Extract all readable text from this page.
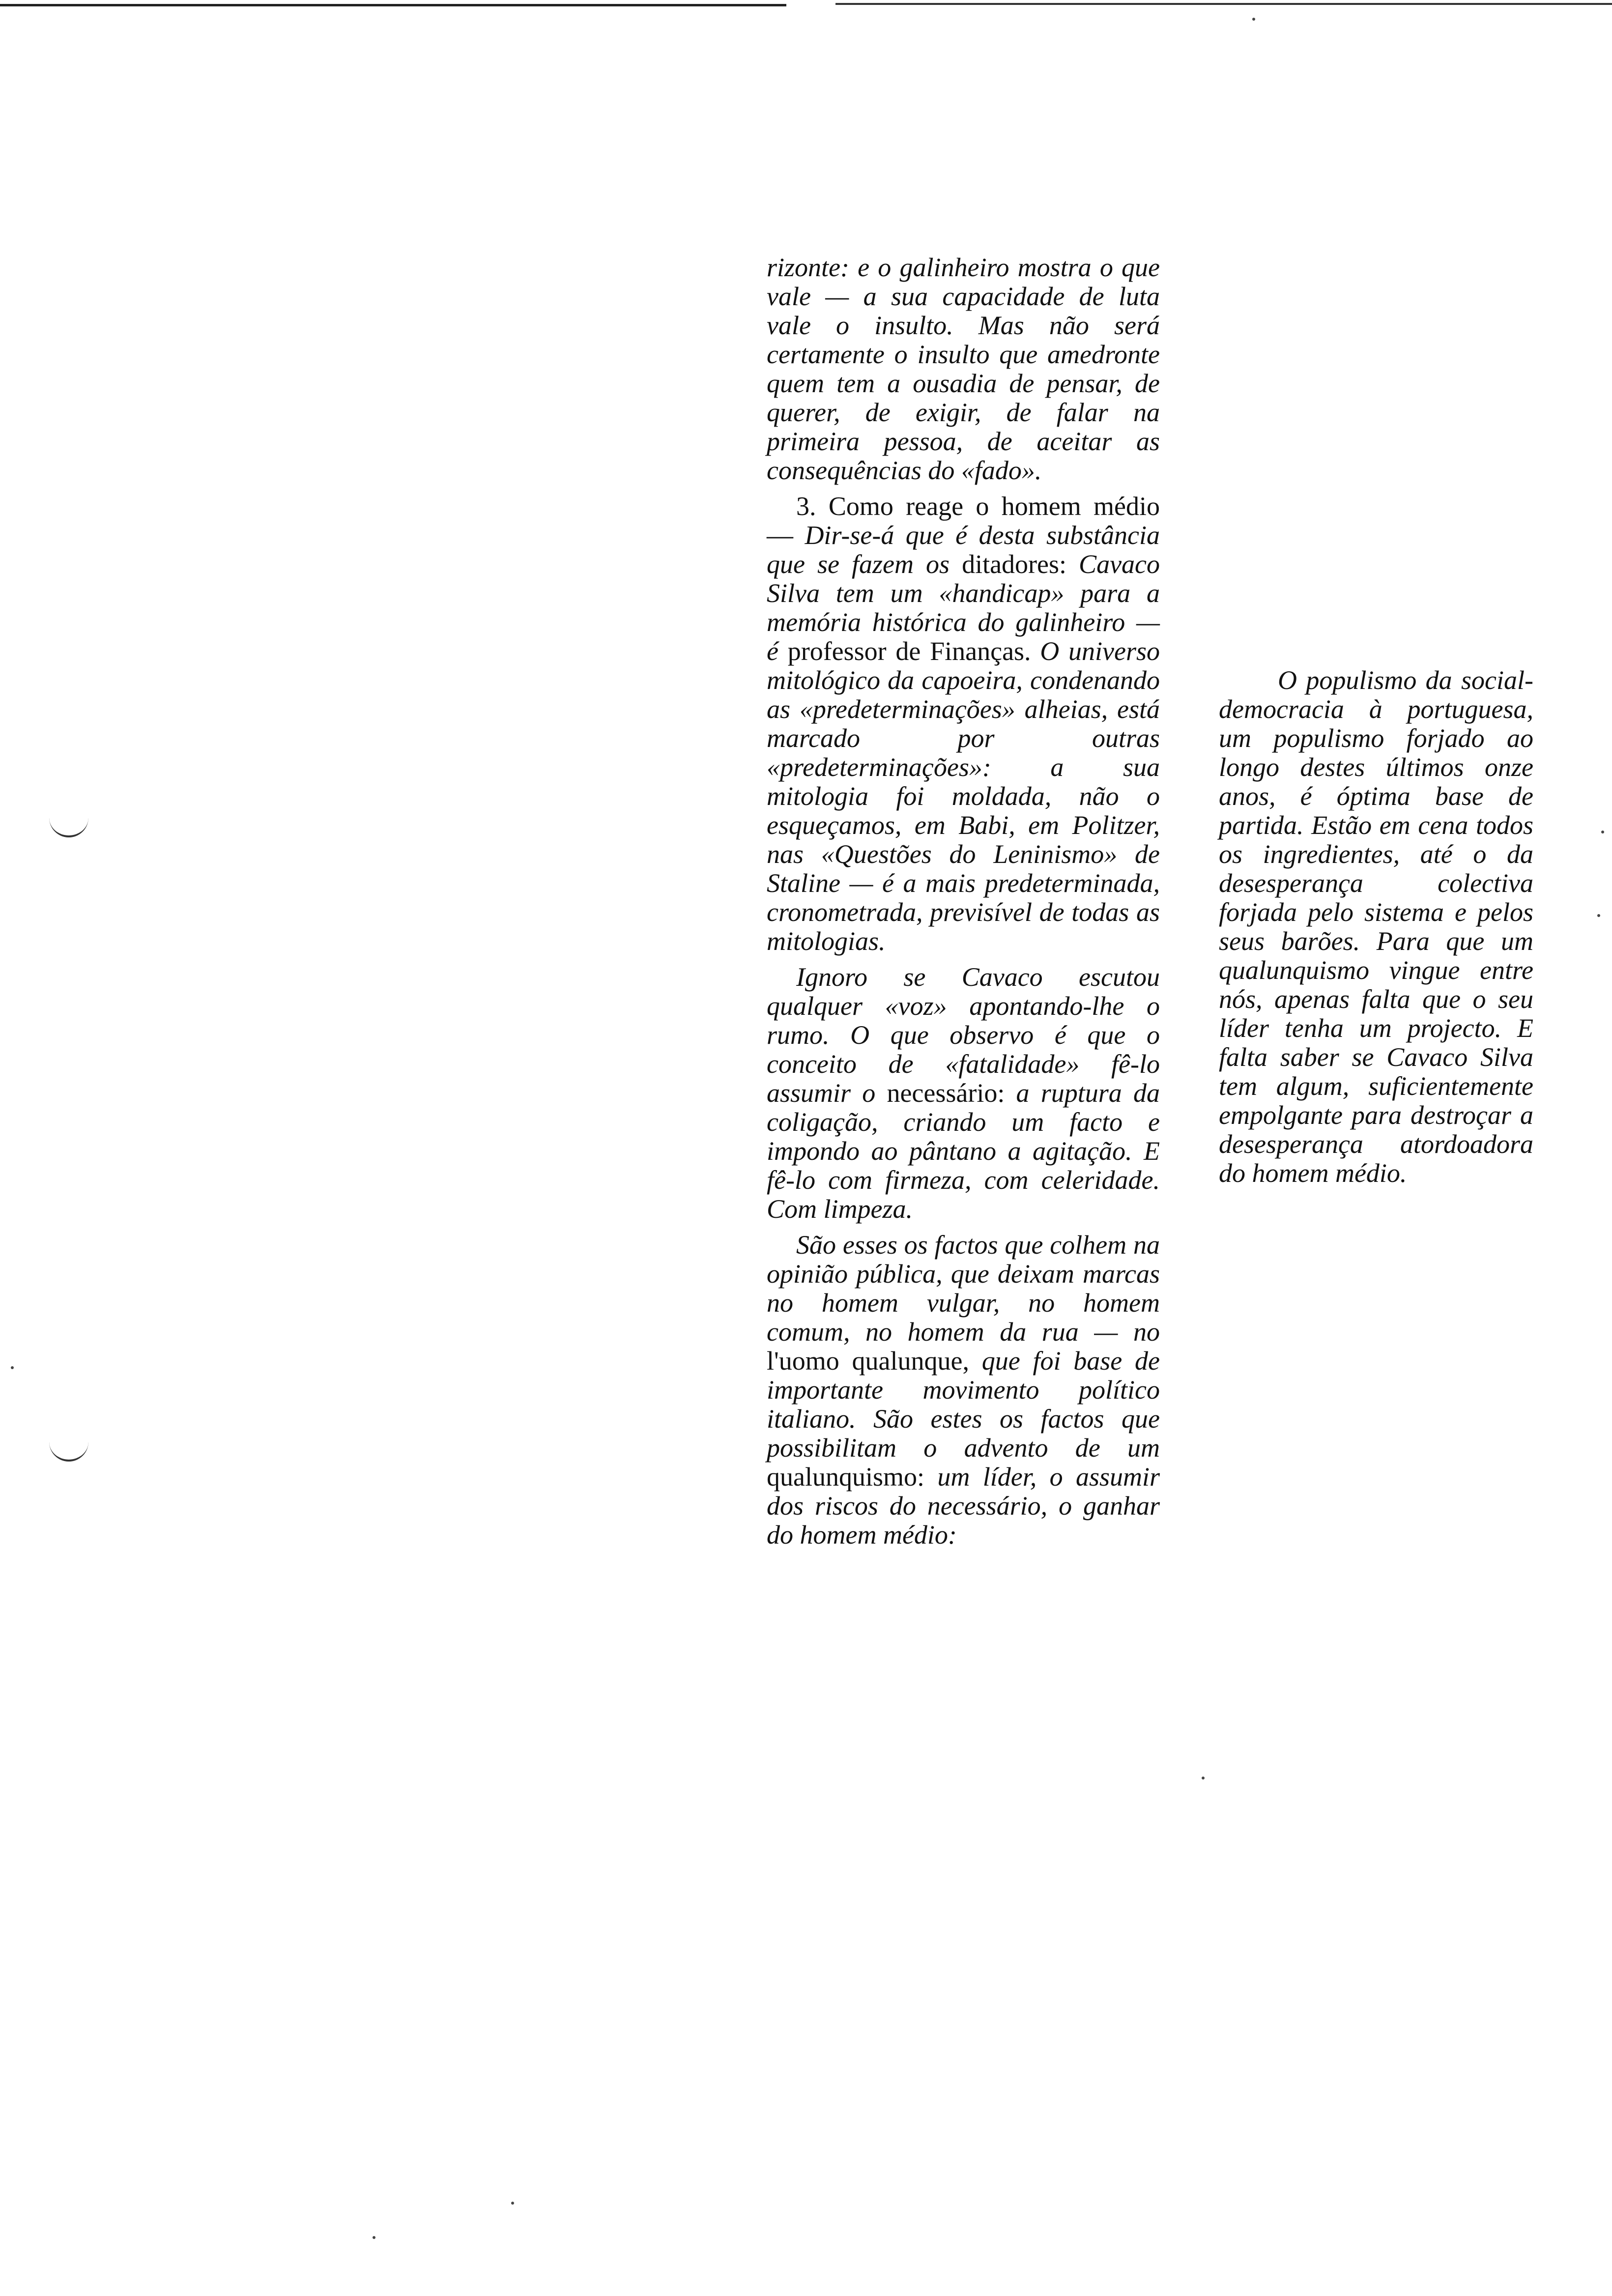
rizonte: e o galinheiro mostra o que vale — a sua capacidade de luta vale o insulto. Mas não será certamente o insulto que amedronte quem tem a ousadia de pensar, de querer, de exigir, de falar na primeira pessoa, de aceitar as consequências do «fado».

3. Como reage o homem médio — Dir-se-á que é desta substância que se fazem os ditadores: Cavaco Silva tem um «handicap» para a memória histórica do galinheiro — é professor de Finanças. O universo mitológico da capoeira, condenando as «predeterminações» alheias, está marcado por outras «predeterminações»: a sua mitologia foi moldada, não o esqueçamos, em Babi, em Politzer, nas «Questões do Leninismo» de Staline — é a mais predeterminada, cronometrada, previsível de todas as mitologias.

Ignoro se Cavaco escutou qualquer «voz» apontando-lhe o rumo. O que observo é que o conceito de «fatalidade» fê-lo assumir o necessário: a ruptura da coligação, criando um facto e impondo ao pântano a agitação. E fê-lo com firmeza, com celeridade. Com limpeza.

São esses os factos que colhem na opinião pública, que deixam marcas no homem vulgar, no homem comum, no homem da rua — no l'uomo qualunque, que foi base de importante movimento político italiano. São estes os factos que possibilitam o advento de um qualunquismo: um líder, o assumir dos riscos do necessário, o ganhar do homem médio:

O populismo da social-democracia à portuguesa, um populismo forjado ao longo destes últimos onze anos, é óptima base de partida. Estão em cena todos os ingredientes, até o da desesperança colectiva forjada pelo sistema e pelos seus barões. Para que um qualunquismo vingue entre nós, apenas falta que o seu líder tenha um projecto. E falta saber se Cavaco Silva tem algum, suficientemente empolgante para destroçar a desesperança atordoadora do homem médio.
